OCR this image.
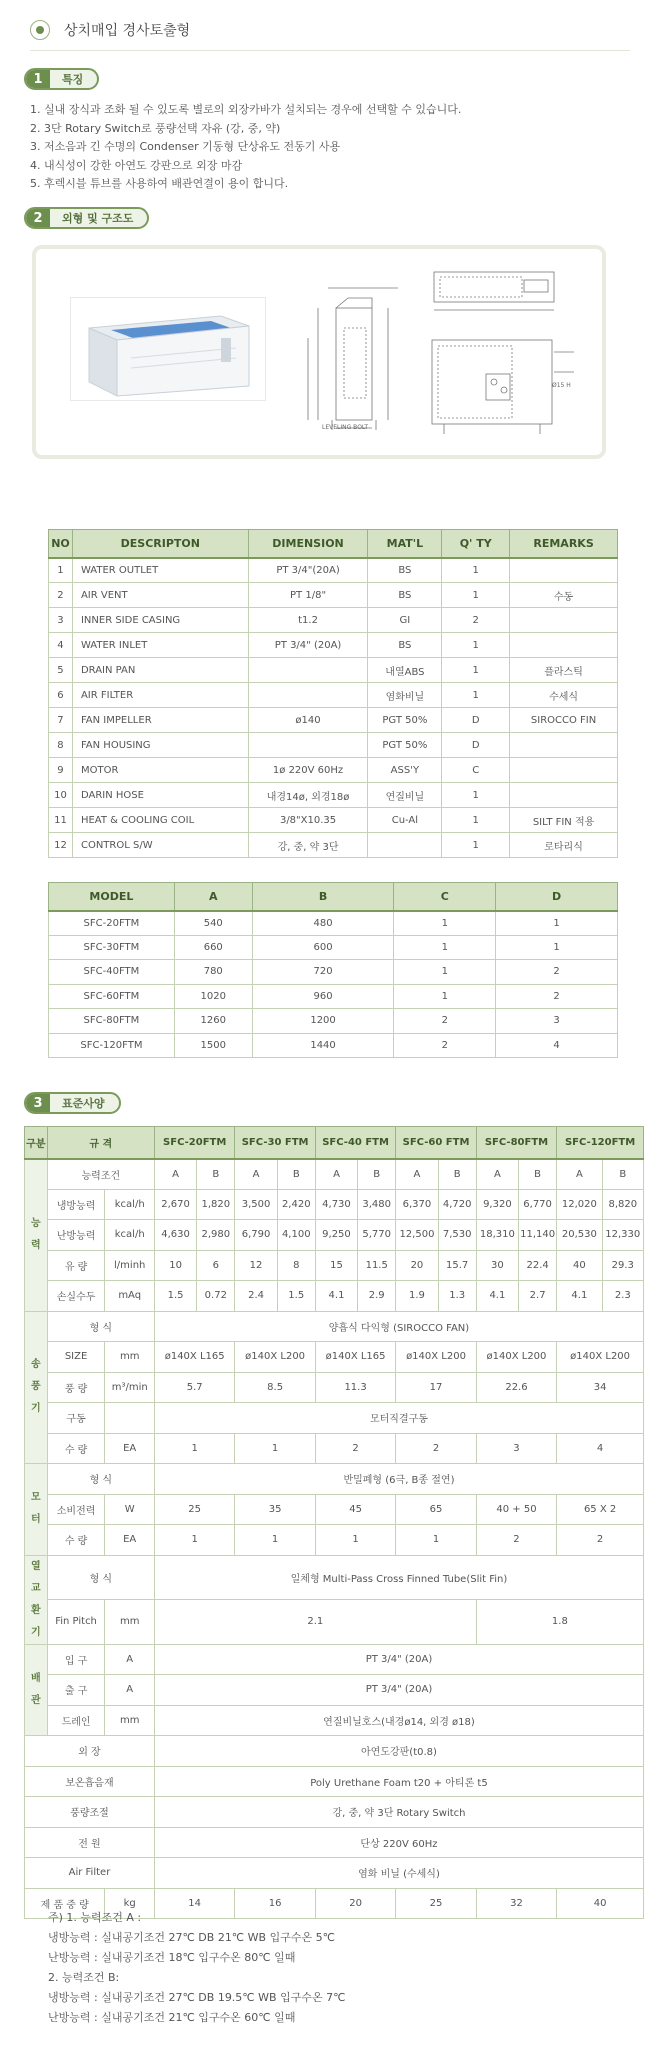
상치매입 경사토출형
1	특징
1. 실내 장식과 조화 될 수 있도록 별로의 외장카바가 설치되는 경우에 선택할 수 있습니다.
2. 3단 Rotary Switch로 풍량선택 자유 (강, 중, 약)
3. 저소음과 긴 수명의 Condenser 기동형 단상유도 전동기 사용
4. 내식성이 강한 아연도 강판으로 외장 마감
5. 후렉시블 튜브를 사용하여 배관연결이 용이 합니다.
2	외형 및 구조도
LEVELING BOLT
Ø15 H
NO	DESCRIPTON	DIMENSION	MAT'L	Q' TY	REMARKS
1	WATER OUTLET	PT 3/4"(20A)	BS	1	
2	AIR VENT	PT 1/8"	BS	1	수동
3	INNER SIDE CASING	t1.2	GI	2	
4	WATER INLET	PT 3/4" (20A)	BS	1	
5	DRAIN PAN		내열ABS	1	플라스틱
6	AIR FILTER		염화비닐	1	수세식
7	FAN IMPELLER	ø140	PGT 50%	D	SIROCCO FIN
8	FAN HOUSING		PGT 50%	D	
9	MOTOR	1ø 220V 60Hz	ASS'Y	C	
10	DARIN HOSE	내경14ø, 외경18ø	연질비닐	1	
11	HEAT & COOLING COIL	3/8"X10.35	Cu-Al	1	SILT FIN 적용
12	CONTROL S/W	강, 중, 약 3단		1	로타리식
MODEL	A	B	C	D
SFC-20FTM	540	480	1	1
SFC-30FTM	660	600	1	1
SFC-40FTM	780	720	1	2
SFC-60FTM	1020	960	1	2
SFC-80FTM	1260	1200	2	3
SFC-120FTM	1500	1440	2	4
3	표준사양
구분	규 격		SFC-20FTM		SFC-30 FTM		SFC-40 FTM		SFC-60 FTM		SFC-80FTM		SFC-120FTM	
능력	능력조건		A	B	A	B	A	B	A	B	A	B	A	B
	냉방능력	kcal/h	2,670	1,820	3,500	2,420	4,730	3,480	6,370	4,720	9,320	6,770	12,020	8,820
	난방능력	kcal/h	4,630	2,980	6,790	4,100	9,250	5,770	12,500	7,530	18,310	11,140	20,530	12,330
	유 량	l/minh	10	6	12	8	15	11.5	20	15.7	30	22.4	40	29.3
	손실수두	mAq	1.5	0.72	2.4	1.5	4.1	2.9	1.9	1.3	4.1	2.7	4.1	2.3
송풍기	형 식		양흡식 다익형 (SIROCCO FAN)											
	SIZE	mm	ø140X L165		ø140X L200		ø140X L165		ø140X L200		ø140X L200		ø140X L200	
	풍 량	m³/min	5.7		8.5		11.3		17		22.6		34	
	구동		모터직결구동											
	수 량	EA	1		1		2		2		3		4	
모터	형 식		반밀폐형 (6극, B종 절연)											
	소비전력	W	25		35		45		65		40 + 50		65 X 2	
	수 량	EA	1		1		1		1		2		2	
열교환기	형 식		일체형 Multi-Pass Cross Finned Tube(Slit Fin)											
	Fin Pitch	mm	2.1								1.8			
배관	입 구	A	PT 3/4" (20A)											
	출 구	A	PT 3/4" (20A)											
	드레인	mm	연질비닐호스(내경ø14, 외경 ø18)											
외 장			아연도강판(t0.8)											
보온흡음재			Poly Urethane Foam t20 + 아티론 t5											
풍량조절			강, 중, 약 3단 Rotary Switch											
전 원			단상 220V 60Hz											
Air Filter			염화 비닐 (수세식)											
제 품 중 량		kg	14		16		20		25		32		40	
주) 1. 능력조건 A :
냉방능력 : 실내공기조건 27℃ DB 21℃ WB 입구수온 5℃
난방능력 : 실내공기조건 18℃ 입구수온 80℃ 일때
2. 능력조건 B:
냉방능력 : 실내공기조건 27℃ DB 19.5℃ WB 입구수온 7℃
난방능력 : 실내공기조건 21℃ 입구수온 60℃ 일때
